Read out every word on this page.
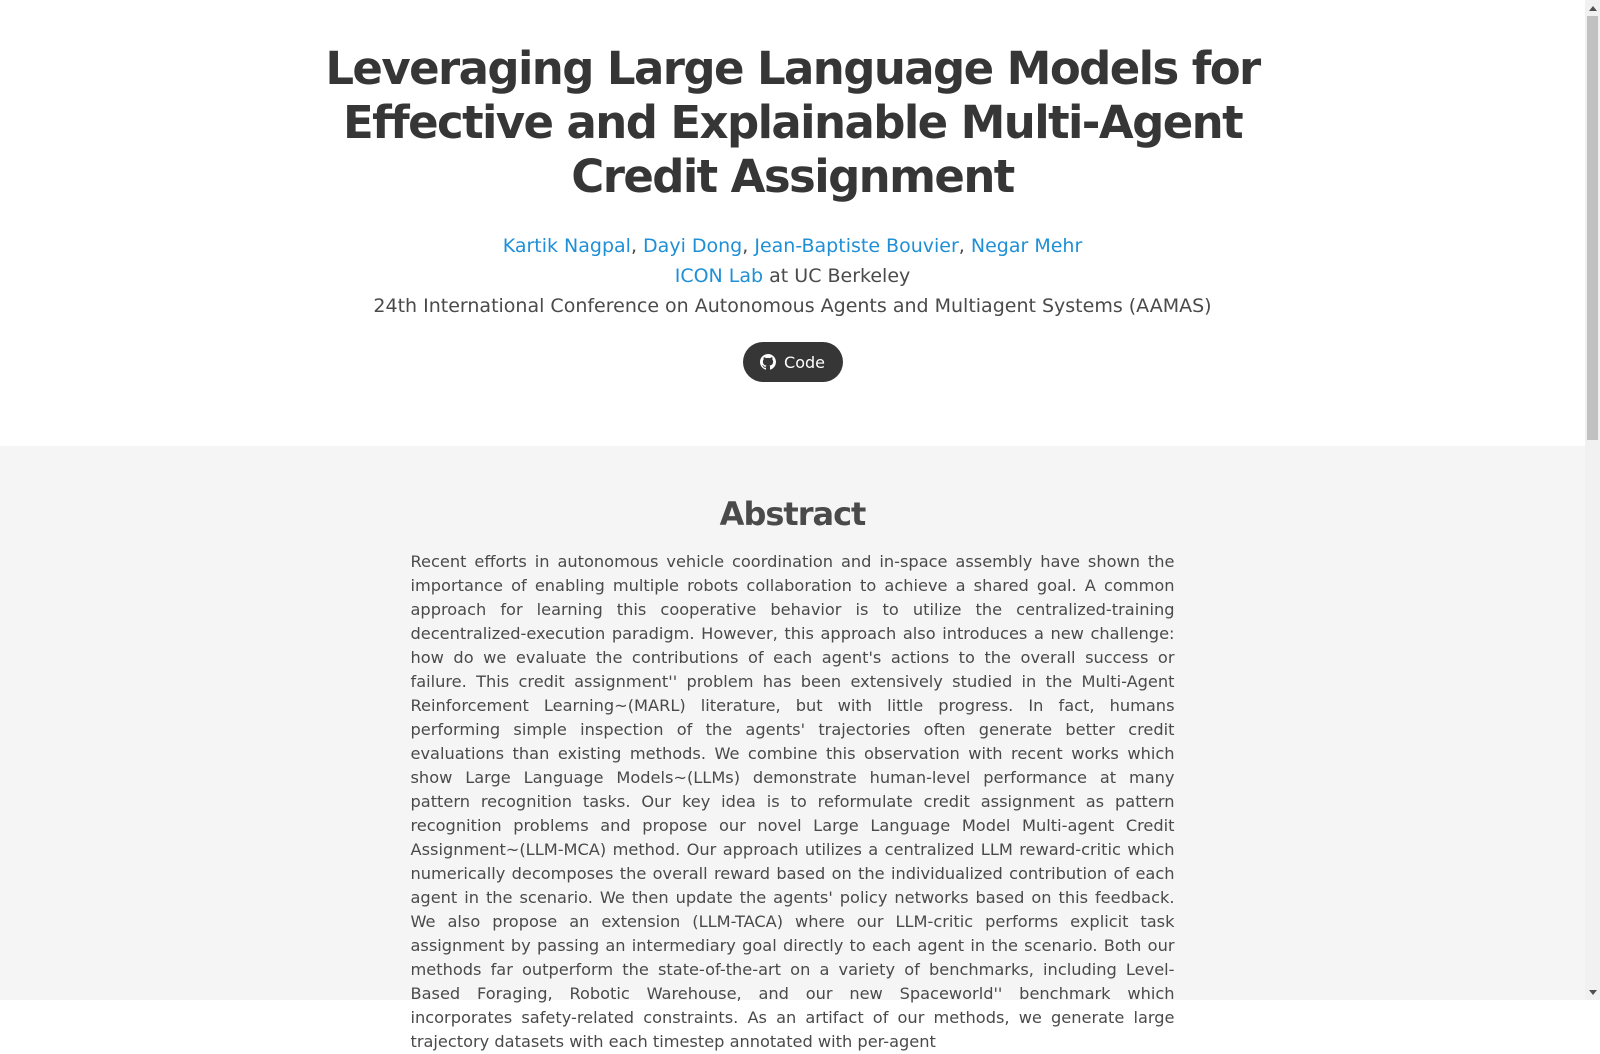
Leveraging Large Language Models for Effective and Explainable Multi-Agent Credit Assignment
Kartik Nagpal, Dayi Dong, Jean-Baptiste Bouvier, Negar Mehr
ICON Lab at UC Berkeley
24th International Conference on Autonomous Agents and Multiagent Systems (AAMAS)
Code
Abstract

Recent efforts in autonomous vehicle coordination and in-space assembly have shown the importance of enabling multiple robots collaboration to achieve a shared goal. A common approach for learning this cooperative behavior is to utilize the centralized-training decentralized-execution paradigm. However, this approach also introduces a new challenge: how do we evaluate the contributions of each agent's actions to the overall success or failure. This credit assignment'' problem has been extensively studied in the Multi-Agent Reinforcement Learning~(MARL) literature, but with little progress. In fact, humans performing simple inspection of the agents' trajectories often generate better credit evaluations than existing methods. We combine this observation with recent works which show Large Language Models~(LLMs) demonstrate human-level performance at many pattern recognition tasks. Our key idea is to reformulate credit assignment as pattern recognition problems and propose our novel Large Language Model Multi-agent Credit Assignment~(LLM-MCA) method. Our approach utilizes a centralized LLM reward-critic which numerically decomposes the overall reward based on the individualized contribution of each agent in the scenario. We then update the agents' policy networks based on this feedback. We also propose an extension (LLM-TACA) where our LLM-critic performs explicit task assignment by passing an intermediary goal directly to each agent in the scenario. Both our methods far outperform the state-of-the-art on a variety of benchmarks, including Level-Based Foraging, Robotic Warehouse, and our new Spaceworld'' benchmark which incorporates safety-related constraints. As an artifact of our methods, we generate large trajectory datasets with each timestep annotated with per-agent
